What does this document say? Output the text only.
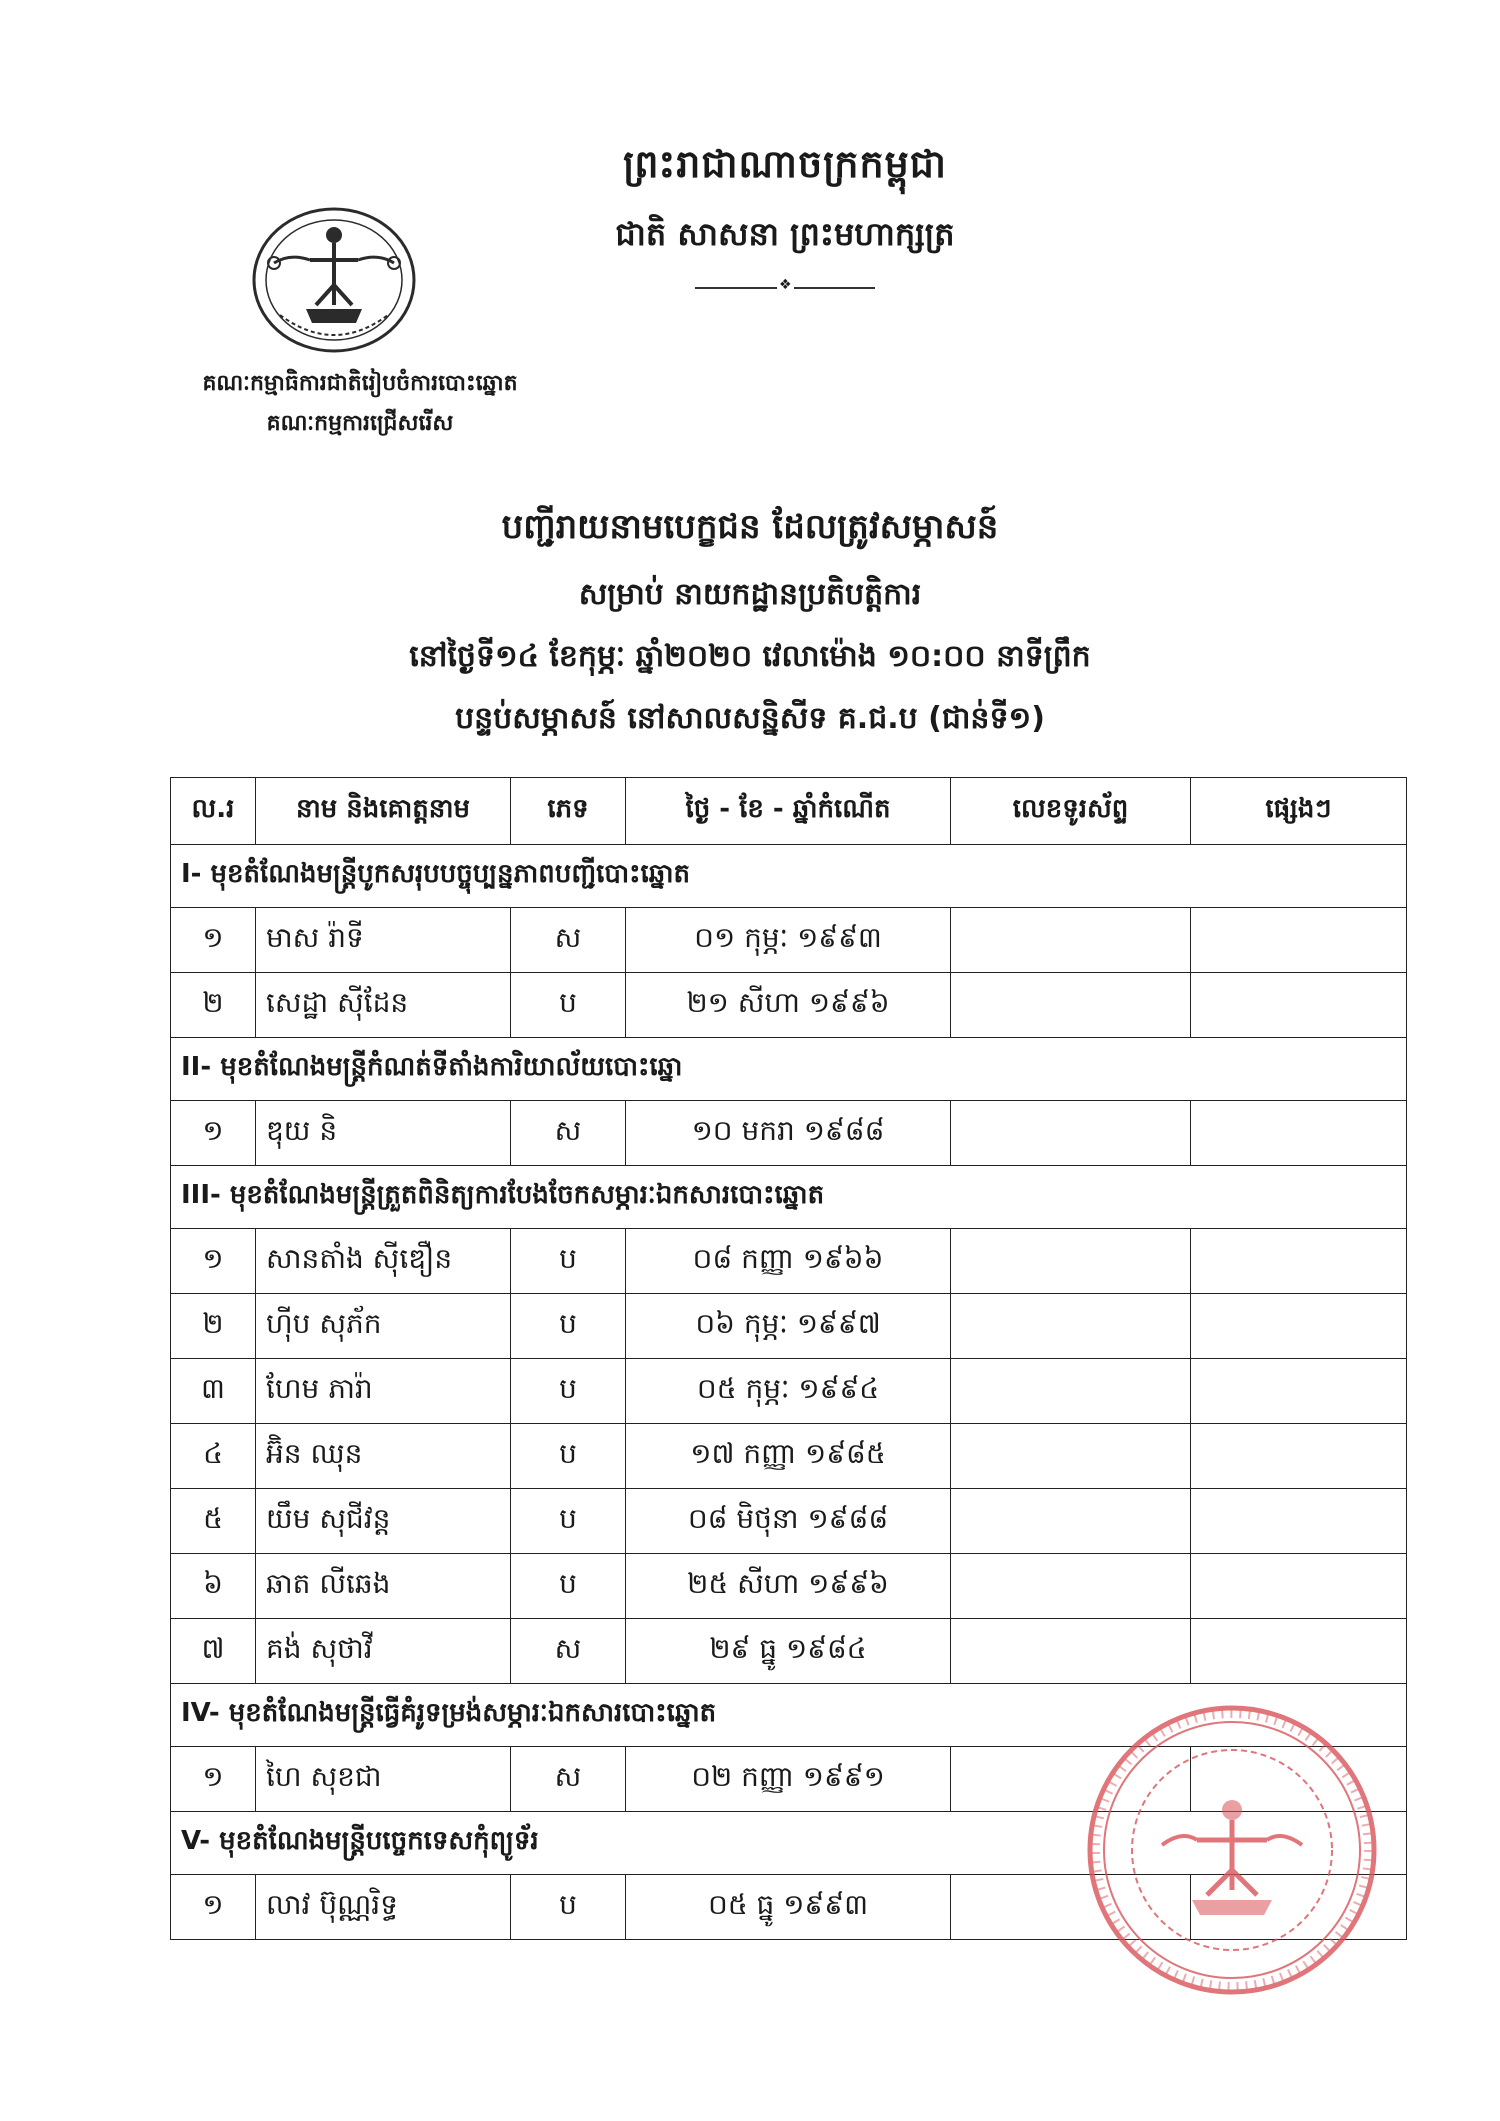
ព្រះរាជាណាចក្រកម្ពុជា
ជាតិ សាសនា ព្រះមហាក្សត្រ
❖
គណៈកម្មាធិការជាតិរៀបចំការបោះឆ្នោត
គណៈកម្មការជ្រើសរើស
បញ្ជីរាយនាមបេក្ខជន ដែលត្រូវសម្ភាសន៍
សម្រាប់ នាយកដ្ឋានប្រតិបត្តិការ
នៅថ្ងៃទី១៤ ខែកុម្ភៈ ឆ្នាំ២០២០ វេលាម៉ោង ១០:០០ នាទីព្រឹក
បន្ទប់សម្ភាសន៍ នៅសាលសន្និសីទ គ.ជ.ប (ជាន់ទី១)
ល.រ	នាម និងគោត្តនាម	ភេទ	ថ្ងៃ - ខែ - ឆ្នាំកំណើត	លេខទូរស័ព្ទ	ផ្សេងៗ
I- មុខតំណែងមន្ត្រីបូកសរុបបច្ចុប្បន្នភាពបញ្ជីបោះឆ្នោត					
១	មាស រ៉ាទី	ស	០១ កុម្ភៈ ១៩៩៣		
២	សេដ្ឋា ស៊ីដែន	ប	២១ សីហា ១៩៩៦		
II- មុខតំណែងមន្ត្រីកំណត់ទីតាំងការិយាល័យបោះឆ្នោ					
១	ឌុយ និ	ស	១០ មករា ១៩៨៨		
III- មុខតំណែងមន្ត្រីត្រួតពិនិត្យការបែងចែកសម្ភារៈឯកសារបោះឆ្នោត					
១	សានតាំង ស៊ីឌឿន	ប	០៨ កញ្ញា ១៩៦៦		
២	ហ៊ីប សុភ័ក	ប	០៦ កុម្ភៈ ១៩៩៧		
៣	ហែម ភារ៉ា	ប	០៥ កុម្ភៈ ១៩៩៤		
៤	អ៊ិន ឈុន	ប	១៧ កញ្ញា ១៩៨៥		
៥	យឹម សុជីវន្ត	ប	០៨ មិថុនា ១៩៨៨		
៦	ឆាត លីឆេង	ប	២៥ សីហា ១៩៩៦		
៧	គង់ សុថាវី	ស	២៩ ធ្នូ ១៩៨៤		
IV- មុខតំណែងមន្ត្រីធ្វើគំរូទម្រង់សម្ភារៈឯកសារបោះឆ្នោត					
១	ហៃ សុខជា	ស	០២ កញ្ញា ១៩៩១		
V- មុខតំណែងមន្ត្រីបច្ចេកទេសកុំព្យូទ័រ					
១	លាវ ប៊ុណ្ណរិទ្ធ	ប	០៥ ធ្នូ ១៩៩៣		
